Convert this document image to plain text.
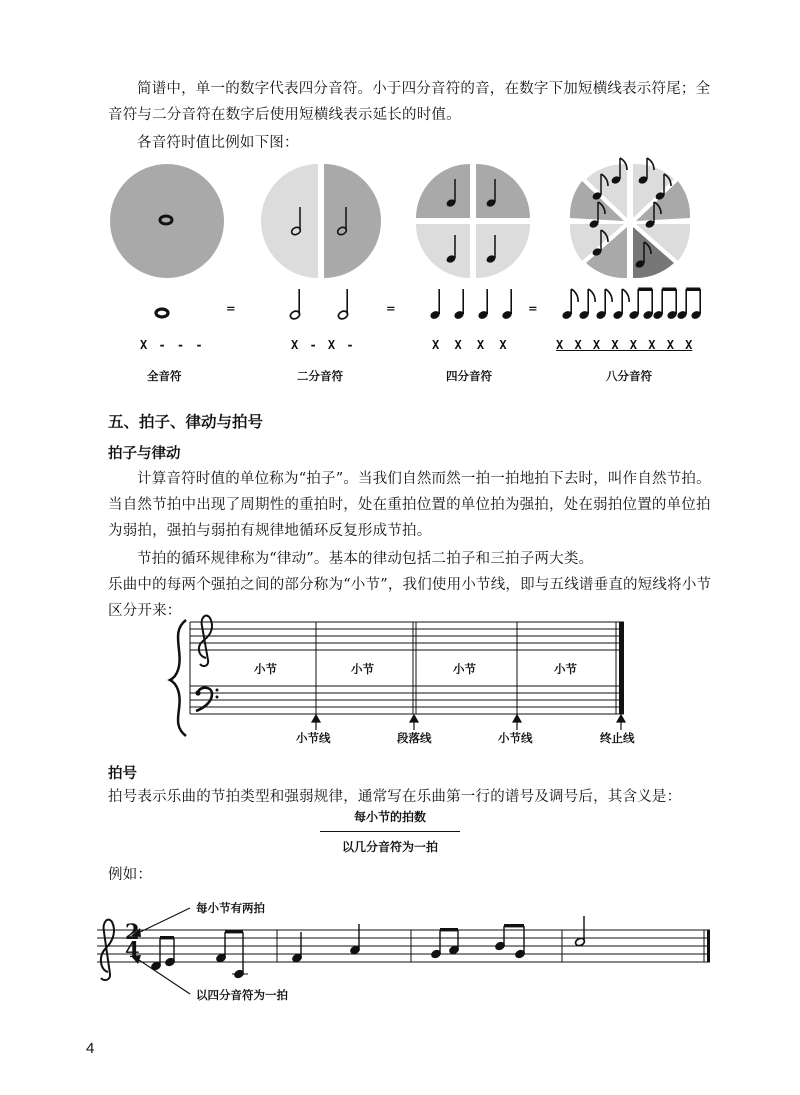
简谱中，单一的数字代表四分音符。小于四分音符的音，在数字下加短横线表示符尾；全音符与二分音符在数字后使用短横线表示延长的时值。
各音符时值比例如下图：
=	=	=
X - - -	X - X -	X X X X	X X X X X X X X
全音符	二分音符	四分音符	八分音符
五、拍子、律动与拍号
拍子与律动
计算音符时值的单位称为“拍子”。当我们自然而然一拍一拍地拍下去时，叫作自然节拍。当自然节拍中出现了周期性的重拍时，处在重拍位置的单位拍为强拍，处在弱拍位置的单位拍为弱拍，强拍与弱拍有规律地循环反复形成节拍。
节拍的循环规律称为“律动”。基本的律动包括二拍子和三拍子两大类。
乐曲中的每两个强拍之间的部分称为“小节”，我们使用小节线，即与五线谱垂直的短线将小节区分开来：
小节	小节	小节	小节
小节线	段落线	小节线	终止线
拍号
拍号表示乐曲的节拍类型和强弱规律，通常写在乐曲第一行的谱号及调号后，其含义是：
每小节的拍数
以几分音符为一拍
例如：
2
4
每小节有两拍
以四分音符为一拍
4
